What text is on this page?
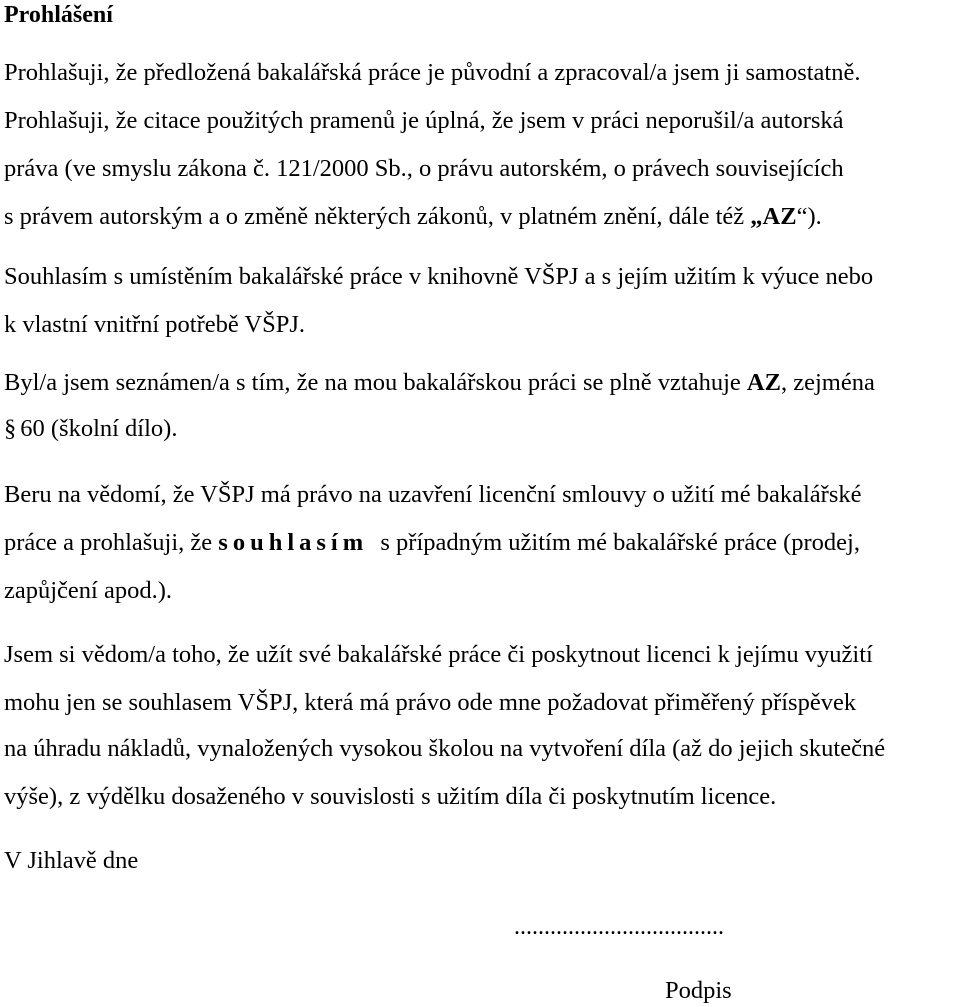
Prohlášení
Prohlašuji, že předložená bakalářská práce je původní a zpracoval/a jsem ji samostatně.
Prohlašuji, že citace použitých pramenů je úplná, že jsem v práci neporušil/a autorská
práva (ve smyslu zákona č. 121/2000 Sb., o právu autorském, o právech souvisejících
s právem autorským a o změně některých zákonů, v platném znění, dále též „AZ“).
Souhlasím s umístěním bakalářské práce v knihovně VŠPJ a s jejím užitím k výuce nebo
k vlastní vnitřní potřebě VŠPJ.
Byl/a jsem seznámen/a s tím, že na mou bakalářskou práci se plně vztahuje AZ, zejména
§ 60 (školní dílo).
Beru na vědomí, že VŠPJ má právo na uzavření licenční smlouvy o užití mé bakalářské
práce a prohlašuji, že souhlasím  s případným užitím mé bakalářské práce (prodej,
zapůjčení apod.).
Jsem si vědom/a toho, že užít své bakalářské práce či poskytnout licenci k jejímu využití
mohu jen se souhlasem VŠPJ, která má právo ode mne požadovat přiměřený příspěvek
na úhradu nákladů, vynaložených vysokou školou na vytvoření díla (až do jejich skutečné
výše), z výdělku dosaženého v souvislosti s užitím díla či poskytnutím licence.
V Jihlavě dne
...................................
Podpis
